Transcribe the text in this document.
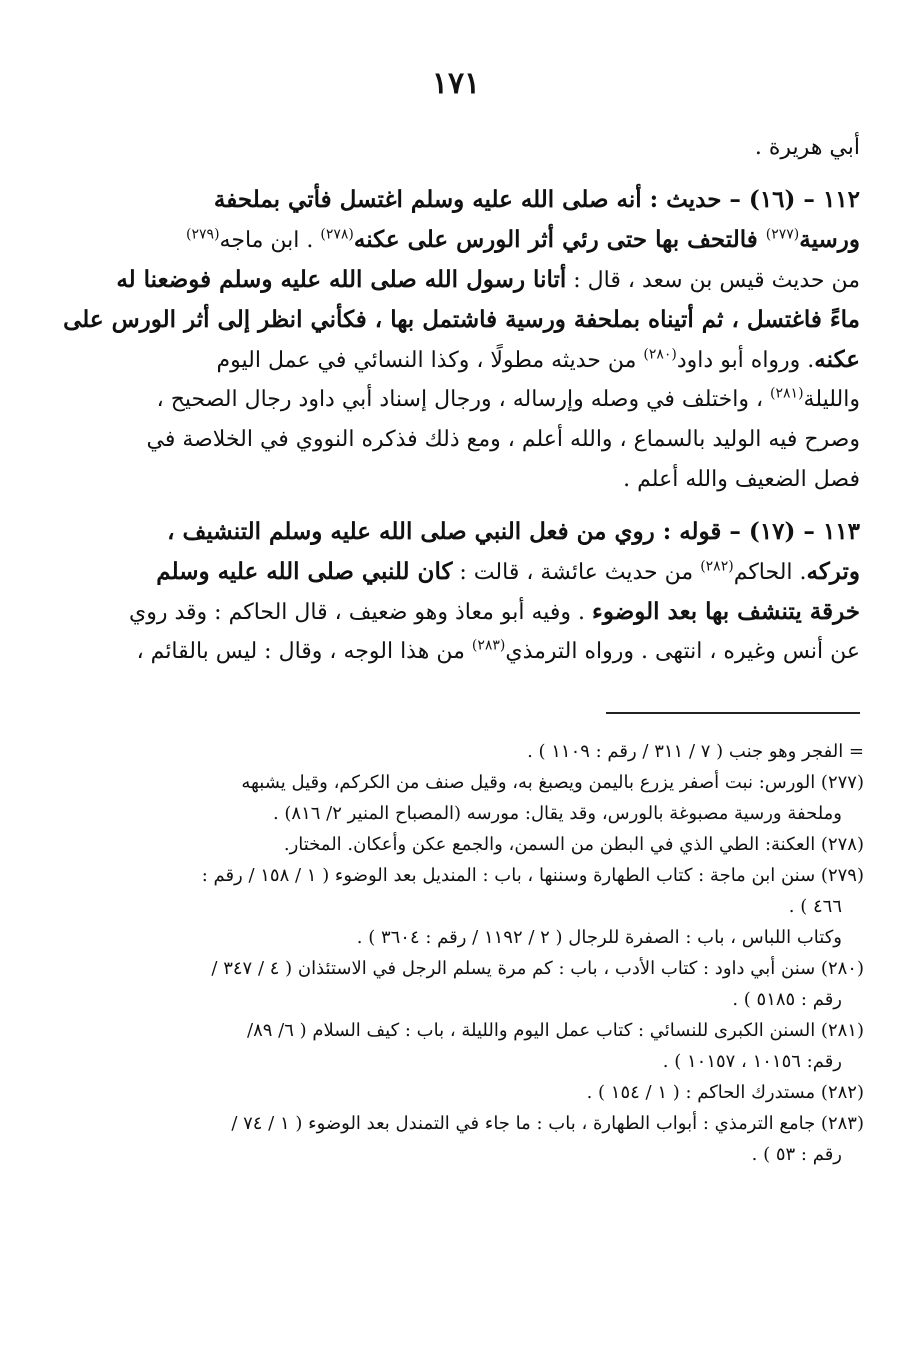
١٧١
أبي هريرة .
١١٢ – (١٦) – حديث : أنه صلى الله عليه وسلم اغتسل فأتي بملحفة
ورسية$^{(٢٧٧)}$ فالتحف بها حتى رئي أثر الورس على عكنه$^{(٢٧٨)}$ . ابن ماجه$^{(٢٧٩)}$
من حديث قيس بن سعد ، قال : أتانا رسول الله صلى الله عليه وسلم فوضعنا له
ماءً فاغتسل ، ثم أتيناه بملحفة ورسية فاشتمل بها ، فكأني انظر إلى أثر الورس على
عكنه. ورواه أبو داود$^{(٢٨٠)}$ من حديثه مطولًا ، وكذا النسائي في عمل اليوم
والليلة$^{(٢٨١)}$ ، واختلف في وصله وإرساله ، ورجال إسناد أبي داود رجال الصحيح ،
وصرح فيه الوليد بالسماع ، والله أعلم ، ومع ذلك فذكره النووي في الخلاصة في
فصل الضعيف والله أعلم .
١١٣ – (١٧) – قوله : روي من فعل النبي صلى الله عليه وسلم التنشيف ،
وتركه. الحاكم$^{(٢٨٢)}$ من حديث عائشة ، قالت : كان للنبي صلى الله عليه وسلم
خرقة يتنشف بها بعد الوضوء . وفيه أبو معاذ وهو ضعيف ، قال الحاكم : وقد روي
عن أنس وغيره ، انتهى . ورواه الترمذي$^{(٢٨٣)}$ من هذا الوجه ، وقال : ليس بالقائم ،
= الفجر وهو جنب ( ٧ / ٣١١ / رقم : ١١٠٩ ) .
(٢٧٧) الورس: نبت أصفر يزرع باليمن ويصبغ به، وقيل صنف من الكركم، وقيل يشبهه
وملحفة ورسية مصبوغة بالورس، وقد يقال: مورسه (المصباح المنير ٢/ ٨١٦) .
(٢٧٨) العكنة: الطي الذي في البطن من السمن، والجمع عكن وأعكان. المختار.
(٢٧٩) سنن ابن ماجة : كتاب الطهارة وسننها ، باب : المنديل بعد الوضوء ( ١ / ١٥٨ / رقم :
٤٦٦ ) .
وكتاب اللباس ، باب : الصفرة للرجال ( ٢ / ١١٩٢ / رقم : ٣٦٠٤ ) .
(٢٨٠) سنن أبي داود : كتاب الأدب ، باب : كم مرة يسلم الرجل في الاستئذان ( ٤ / ٣٤٧ /
رقم : ٥١٨٥ ) .
(٢٨١) السنن الكبرى للنسائي : كتاب عمل اليوم والليلة ، باب : كيف السلام ( ٦/ ٨٩/
رقم: ١٠١٥٦ ، ١٠١٥٧ ) .
(٢٨٢) مستدرك الحاكم : ( ١ / ١٥٤ ) .
(٢٨٣) جامع الترمذي : أبواب الطهارة ، باب : ما جاء في التمندل بعد الوضوء ( ١ / ٧٤ /
رقم : ٥٣ ) .
